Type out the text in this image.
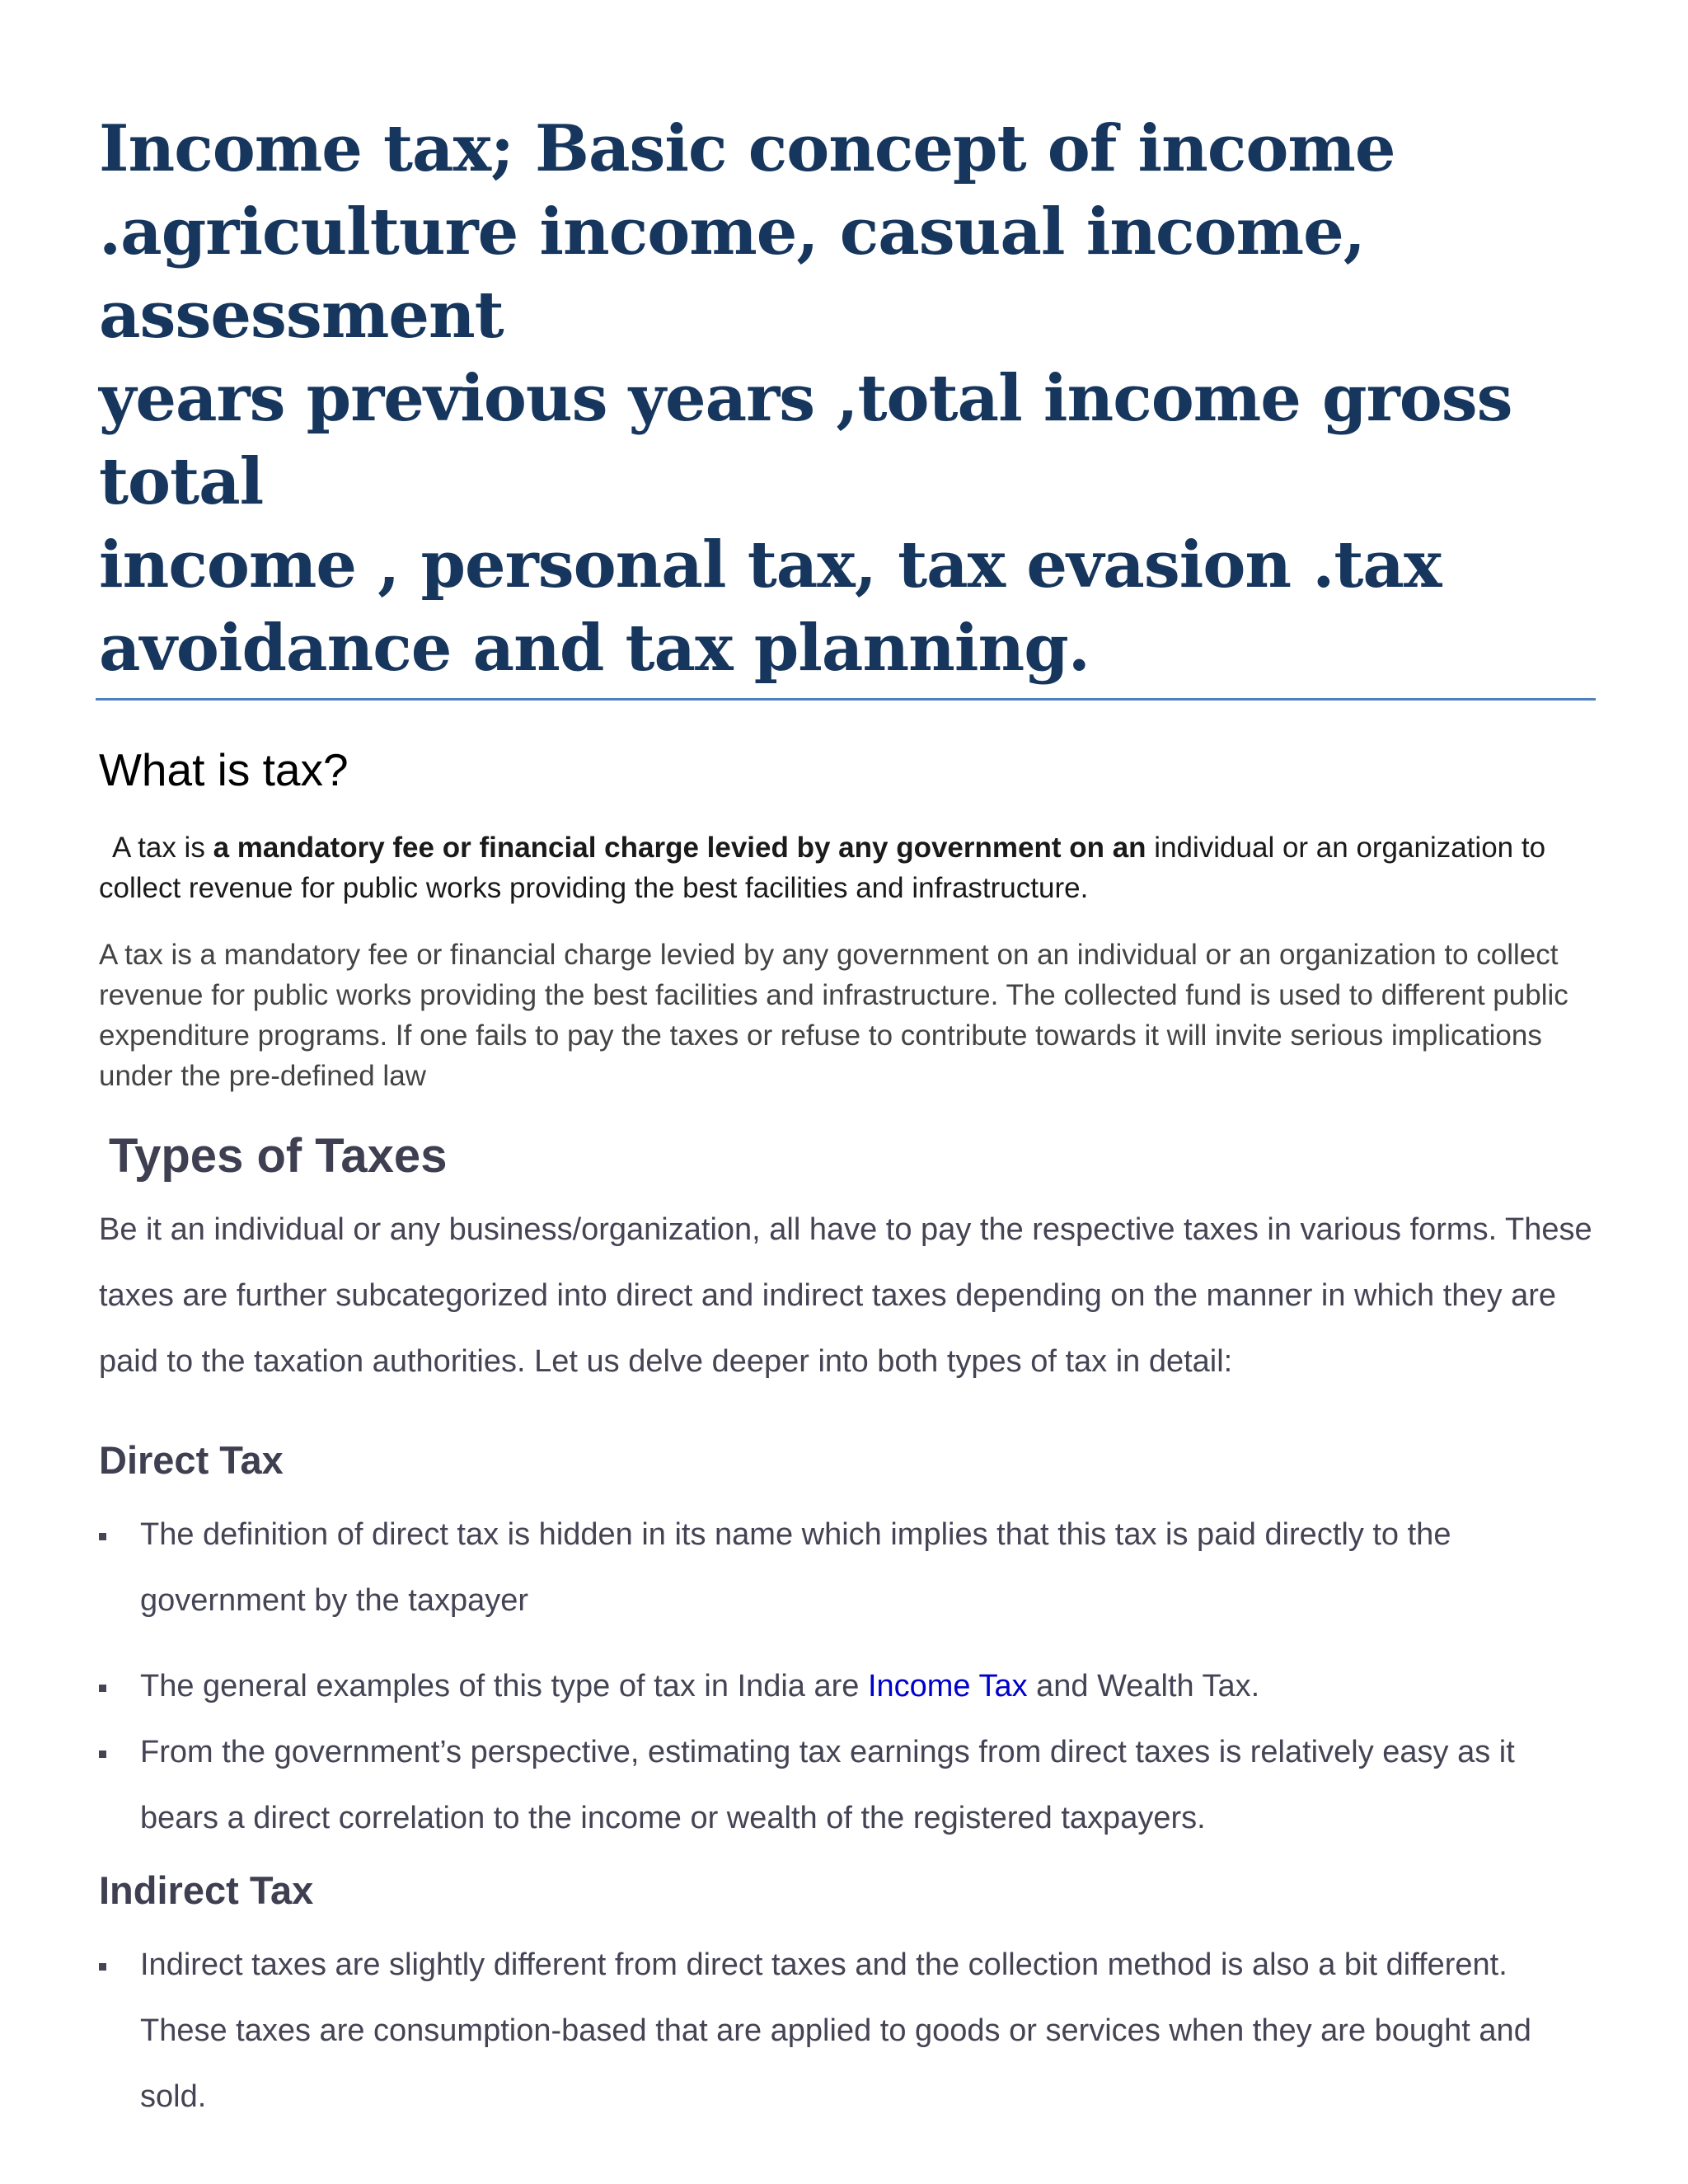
Income tax; Basic concept of income
.agriculture income, casual income, assessment
years previous years ,total income gross total
income , personal tax, tax evasion .tax
avoidance and tax planning.
What is tax?

A tax is a mandatory fee or financial charge levied by any government on an individual or an organization to collect revenue for public works providing the best facilities and infrastructure.

A tax is a mandatory fee or financial charge levied by any government on an individual or an organization to collect revenue for public works providing the best facilities and infrastructure. The collected fund is used to different public expenditure programs. If one fails to pay the taxes or refuse to contribute towards it will invite serious implications under the pre-defined law

Types of Taxes

Be it an individual or any business/organization, all have to pay the respective taxes in various forms. These taxes are further subcategorized into direct and indirect taxes depending on the manner in which they are paid to the taxation authorities. Let us delve deeper into both types of tax in detail:

Direct Tax
The definition of direct tax is hidden in its name which implies that this tax is paid directly to the government by the taxpayer
The general examples of this type of tax in India are Income Tax and Wealth Tax.
From the government’s perspective, estimating tax earnings from direct taxes is relatively easy as it bears a direct correlation to the income or wealth of the registered taxpayers.
Indirect Tax
Indirect taxes are slightly different from direct taxes and the collection method is also a bit different. These taxes are consumption-based that are applied to goods or services when they are bought and sold.
